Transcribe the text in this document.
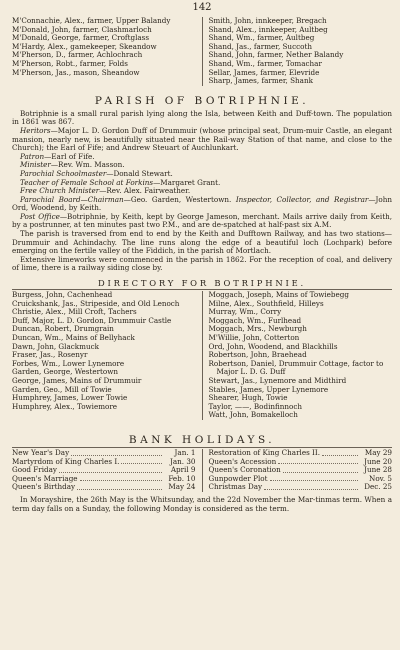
142
M'Connachie, Alex., farmer, Upper Balandy
M'Donald, John, farmer, Clashmarloch
M'Donald, George, farmer, Croftglass
M'Hardy, Alex., gamekeeper, Skeandow
M'Pherson, D., farmer, Achlochrach
M'Pherson, Robt., farmer, Folds
M'Pherson, Jas., mason, Sheandow
Smith, John, innkeeper, Bregach
Shand, Alex., innkeeper, Aultbeg
Shand, Wm., farmer, Aultbeg
Shand, Jas., farmer, Succoth
Shand, John, farmer, Nether Balandy
Shand, Wm., farmer, Tomachar
Sellar, James, farmer, Elevride
Sharp, James, farmer, Shank
PARISH OF BOTRIPHNIE.

Botriphnie is a small rural parish lying along the Isla, between Keith and Duff-town. The population in 1861 was 867.

Heritors—Major L. D. Gordon Duff of Drummuir (whose principal seat, Drum-muir Castle, an elegant mansion, nearly new, is beautifully situated near the Rail-way Station of that name, and close to the Church); the Earl of Fife; and Andrew Steuart of Auchlunkart.

Patron—Earl of Fife.

Minister—Rev. Wm. Masson.

Parochial Schoolmaster—Donald Stewart.

Teacher of Female School at Forkins—Margaret Grant.

Free Church Minister—Rev. Alex. Fairweather.

Parochial Board—Chairman—Geo. Garden, Westertown. Inspector, Collector, and Registrar—John Ord, Woodend, by Keith.

Post Office—Botriphnie, by Keith, kept by George Jameson, merchant. Mails arrive daily from Keith, by a postrunner, at ten minutes past two P.M., and are de-spatched at half-past six A.M.

The parish is traversed from end to end by the Keith and Dufftown Railway, and has two stations—Drummuir and Achindachy. The line runs along the edge of a beautiful loch (Lochpark) before emerging on the fertile valley of the Fiddich, in the parish of Mortlach.

Extensive limeworks were commenced in the parish in 1862. For the reception of coal, and delivery of lime, there is a railway siding close by.

DIRECTORY FOR BOTRIPHNIE.
Burgess, John, Cachenhead
Cruickshank, Jas., Stripeside, and Old Lenoch
Christie, Alex., Mill Croft, Tachers
Duff, Major, L. D. Gordon, Drummuir Castle
Duncan, Robert, Drumgrain
Duncan, Wm., Mains of Bellyhack
Dawn, John, Glackmuck
Fraser, Jas., Rosenyr
Forbes, Wm., Lower Lynemore
Garden, George, Westertown
George, James, Mains of Drummuir
Garden, Geo., Mill of Towie
Humphrey, James, Lower Towie
Humphrey, Alex., Towiemore
Moggach, Joseph, Mains of Towiebegg
Milne, Alex., Southfield, Hilleys
Murray, Wm., Corry
Moggach, Wm., Furlhead
Moggach, Mrs., Newburgh
M'Willie, John, Cotterton
Ord, John, Woodend, and Blackhills
Robertson, John, Braehead
Robertson, Daniel, Drummuir Cottage, factor to Major L. D. G. Duff
Stewart, Jas., Lynemore and Midthird
Stables, James, Upper Lynemore
Shearer, Hugh, Towie
Taylor, ——, Bodinfinnoch
Watt, John, Bomakelloch
BANK HOLIDAYS.
New Year's Day	Jan. 1
Martyrdom of King Charles I.	Jan. 30
Good Friday	April 9
Queen's Marriage	Feb. 10
Queen's Birthday	May 24
Restoration of King Charles II.	May 29
Queen's Accession	June 20
Queen's Coronation	June 28
Gunpowder Plot	Nov. 5
Christmas Day	Dec. 25
In Morayshire, the 26th May is the Whitsunday, and the 22d November the Mar-tinmas term. When a term day falls on a Sunday, the following Monday is considered as the term.
